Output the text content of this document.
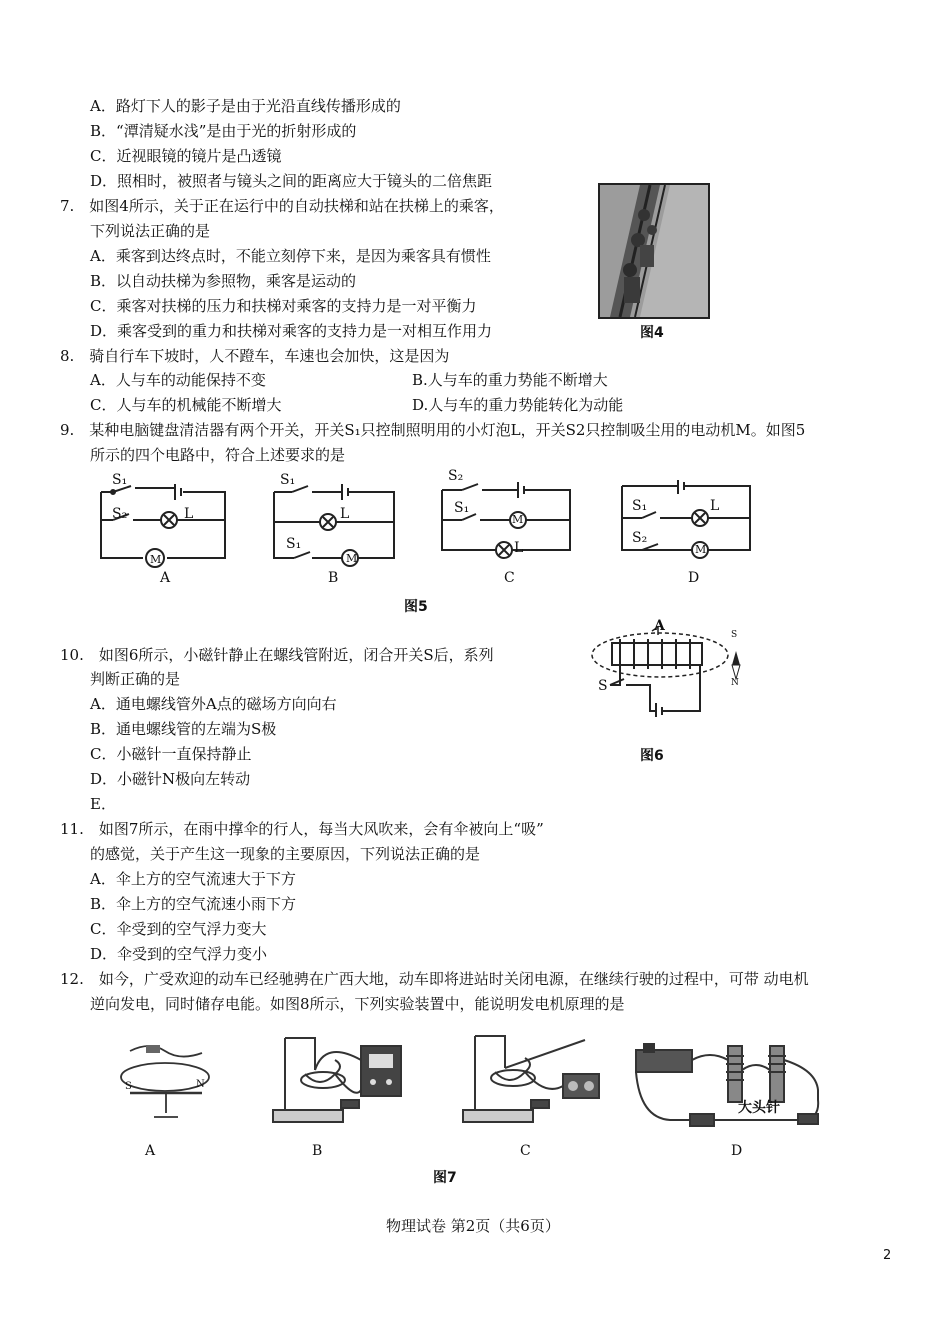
A．路灯下人的影子是由于光沿直线传播形成的
B．“潭清疑水浅”是由于光的折射形成的
C．近视眼镜的镜片是凸透镜
D．照相时，被照者与镜头之间的距离应大于镜头的二倍焦距
7.　如图4所示，关于正在运行中的自动扶梯和站在扶梯上的乘客，
下列说法正确的是
A．乘客到达终点时，不能立刻停下来，是因为乘客具有惯性
B．以自动扶梯为参照物，乘客是运动的
C．乘客对扶梯的压力和扶梯对乘客的支持力是一对平衡力
D．乘客受到的重力和扶梯对乘客的支持力是一对相互作用力	图4
8.　骑自行车下坡时，人不蹬车，车速也会加快，这是因为
A．人与车的动能保持不变	B.人与车的重力势能不断增大
C．人与车的机械能不断增大	D.人与车的重力势能转化为动能
9.　某种电脑键盘清洁器有两个开关，开关S₁只控制照明用的小灯泡L，开关S2只控制吸尘用的电动机M。如图5
所示的四个电路中，符合上述要求的是
S₁
S₂	L
M
A
S₁
L
S₁
M
B
S₂
S₁
M
L
C
S₁	L
S₂
M
D
图5
10.　如图6所示，小磁针静止在螺线管附近，闭合开关S后，系列
判断正确的是
A．通电螺线管外A点的磁场方向向右
B．通电螺线管的左端为S极
C．小磁针一直保持静止
D．小磁针N极向左转动
E．
A
S
S
N
图6
11.　如图7所示，在雨中撑伞的行人，每当大风吹来，会有伞被向上“吸”
的感觉，关于产生这一现象的主要原因，下列说法正确的是
A．伞上方的空气流速大于下方
B．伞上方的空气流速小雨下方
C．伞受到的空气浮力变大
D．伞受到的空气浮力变小
12.　如今，广受欢迎的动车已经驰骋在广西大地，动车即将进站时关闭电源，在继续行驶的过程中，可带 动电机
逆向发电，同时储存电能。如图8所示，下列实验装置中，能说明发电机原理的是
S	N
A	B	C
大头针
D
图7
物理试卷 第2页（共6页）
2
